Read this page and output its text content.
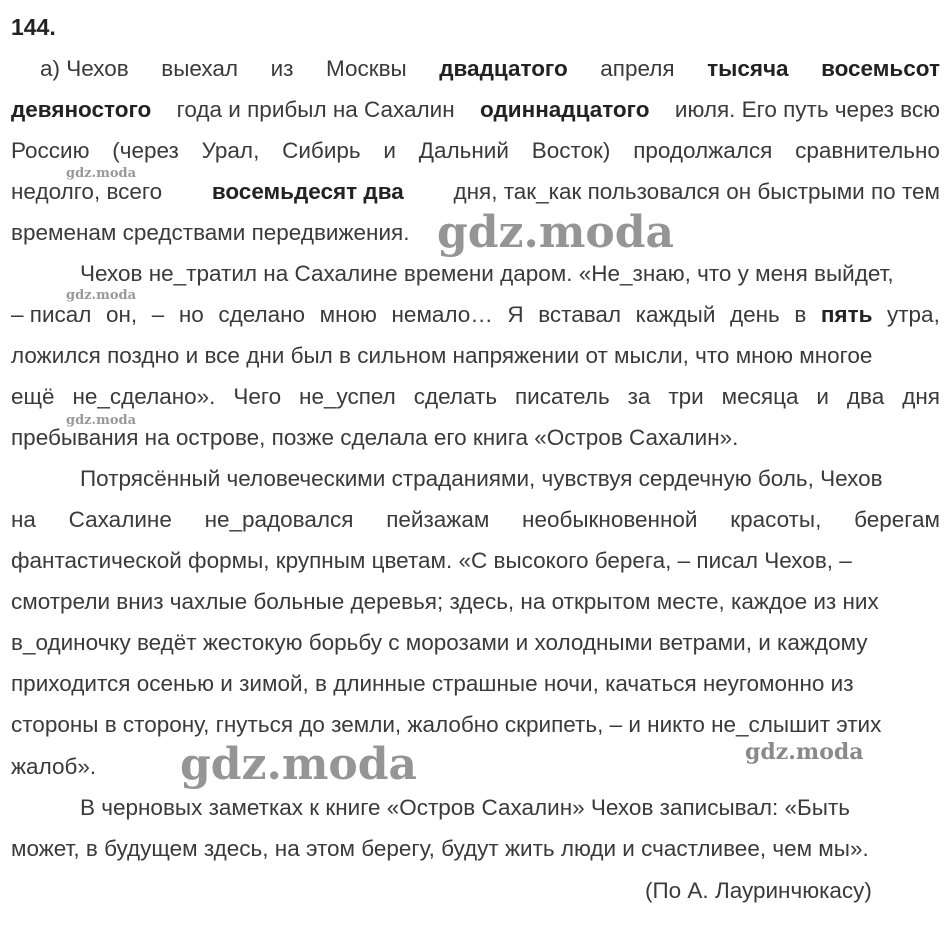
144.
а) Чехов выехал из Москвы двадцатого апреля тысяча восемьсот
девяностого года и прибыл на Сахалин одиннадцатого июля. Его путь через всю
Россию (через Урал, Сибирь и Дальний Восток) продолжался сравнительно
недолго, всего восемьдесят два дня, так_как пользовался он быстрыми по тем
временам средствами передвижения.
Чехов не_тратил на Сахалине времени даром. «Не_знаю, что у меня выйдет,
– писал он, – но сделано мною немало… Я вставал каждый день в пять утра,
ложился поздно и все дни был в сильном напряжении от мысли, что мною многое
ещё не_сделано». Чего не_успел сделать писатель за три месяца и два дня
пребывания на острове, позже сделала его книга «Остров Сахалин».
Потрясённый человеческими страданиями, чувствуя сердечную боль, Чехов
на Сахалине не_радовался пейзажам необыкновенной красоты, берегам
фантастической формы, крупным цветам. «С высокого берега, – писал Чехов, –
смотрели вниз чахлые больные деревья; здесь, на открытом месте, каждое из них
в_одиночку ведёт жестокую борьбу с морозами и холодными ветрами, и каждому
приходится осенью и зимой, в длинные страшные ночи, качаться неугомонно из
стороны в сторону, гнуться до земли, жалобно скрипеть, – и никто не_слышит этих
жалоб».
В черновых заметках к книге «Остров Сахалин» Чехов записывал: «Быть
может, в будущем здесь, на этом берегу, будут жить люди и счастливее, чем мы».
(По А. Лауринчюкасу)
gdz.moda
gdz.moda
gdz.moda
gdz.moda
gdz.moda	gdz.moda
